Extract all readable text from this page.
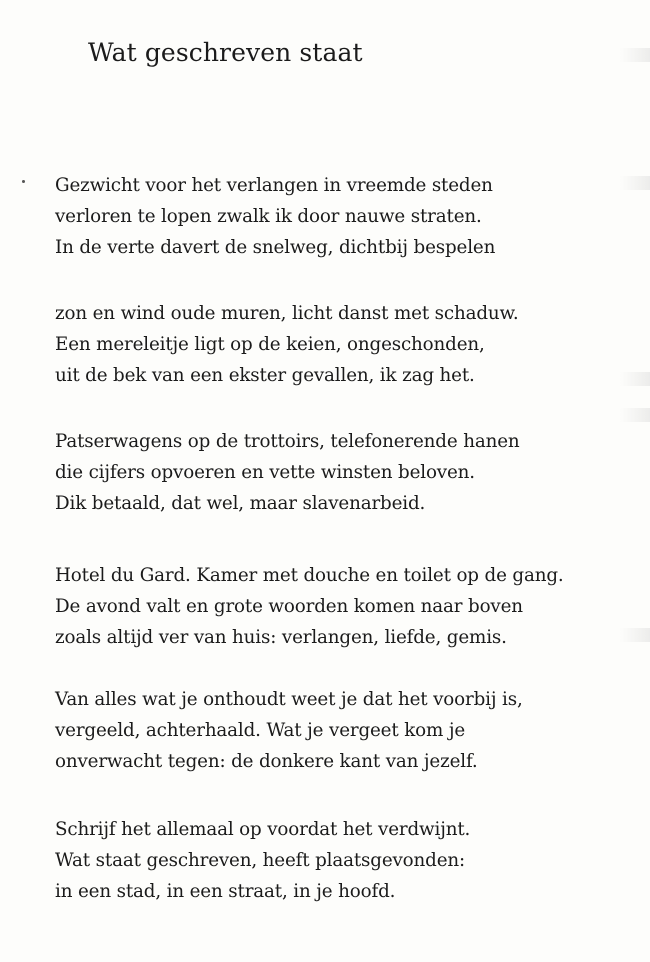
Wat geschreven staat
Gezwicht voor het verlangen in vreemde steden
verloren te lopen zwalk ik door nauwe straten.
In de verte davert de snelweg, dichtbij bespelen
zon en wind oude muren, licht danst met schaduw.
Een mereleitje ligt op de keien, ongeschonden,
uit de bek van een ekster gevallen, ik zag het.
Patserwagens op de trottoirs, telefonerende hanen
die cijfers opvoeren en vette winsten beloven.
Dik betaald, dat wel, maar slavenarbeid.
Hotel du Gard. Kamer met douche en toilet op de gang.
De avond valt en grote woorden komen naar boven
zoals altijd ver van huis: verlangen, liefde, gemis.
Van alles wat je onthoudt weet je dat het voorbij is,
vergeeld, achterhaald. Wat je vergeet kom je
onverwacht tegen: de donkere kant van jezelf.
Schrijf het allemaal op voordat het verdwijnt.
Wat staat geschreven, heeft plaatsgevonden:
in een stad, in een straat, in je hoofd.
